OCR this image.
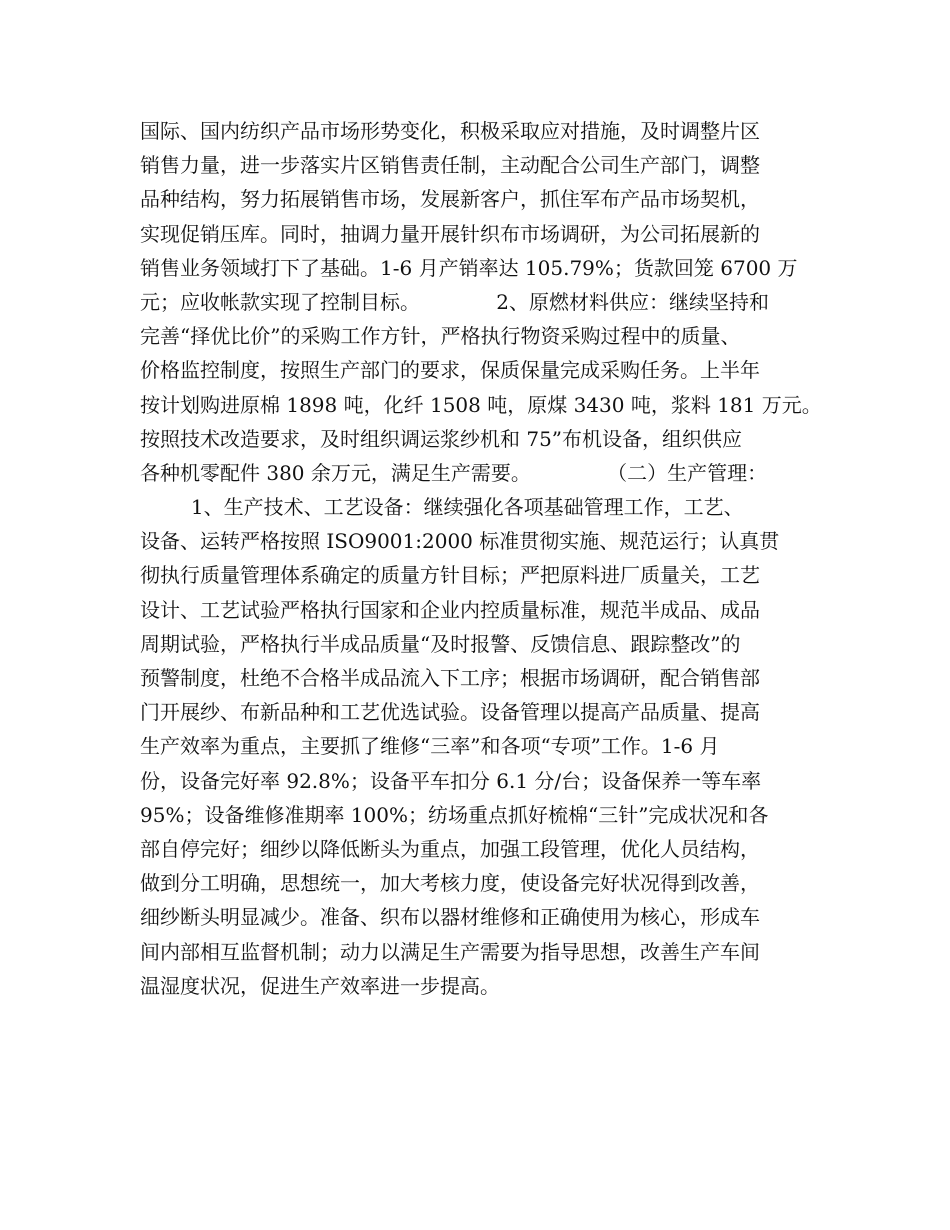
国际、国内纺织产品市场形势变化，积极采取应对措施，及时调整片区
销售力量，进一步落实片区销售责任制，主动配合公司生产部门，调整
品种结构，努力拓展销售市场，发展新客户，抓住军布产品市场契机，
实现促销压库。同时，抽调力量开展针织布市场调研，为公司拓展新的
销售业务领域打下了基础。1-6 月产销率达 105.79%；货款回笼 6700 万
元；应收帐款实现了控制目标。            2、原燃材料供应：继续坚持和
完善“择优比价”的采购工作方针，严格执行物资采购过程中的质量、
价格监控制度，按照生产部门的要求，保质保量完成采购任务。上半年
按计划购进原棉 1898 吨，化纤 1508 吨，原煤 3430 吨，浆料 181 万元。
按照技术改造要求，及时组织调运浆纱机和 75”布机设备，组织供应
各种机零配件 380 余万元，满足生产需要。            （二）生产管理：
1、生产技术、工艺设备：继续强化各项基础管理工作，工艺、
设备、运转严格按照 ISO9001:2000 标准贯彻实施、规范运行；认真贯
彻执行质量管理体系确定的质量方针目标；严把原料进厂质量关，工艺
设计、工艺试验严格执行国家和企业内控质量标准，规范半成品、成品
周期试验，严格执行半成品质量“及时报警、反馈信息、跟踪整改”的
预警制度，杜绝不合格半成品流入下工序；根据市场调研，配合销售部
门开展纱、布新品种和工艺优选试验。设备管理以提高产品质量、提高
生产效率为重点，主要抓了维修“三率”和各项“专项”工作。1-6 月
份，设备完好率 92.8%；设备平车扣分 6.1 分/台；设备保养一等车率
95%；设备维修准期率 100%；纺场重点抓好梳棉“三针”完成状况和各
部自停完好；细纱以降低断头为重点，加强工段管理，优化人员结构，
做到分工明确，思想统一，加大考核力度，使设备完好状况得到改善，
细纱断头明显减少。准备、织布以器材维修和正确使用为核心，形成车
间内部相互监督机制；动力以满足生产需要为指导思想，改善生产车间
温湿度状况，促进生产效率进一步提高。
